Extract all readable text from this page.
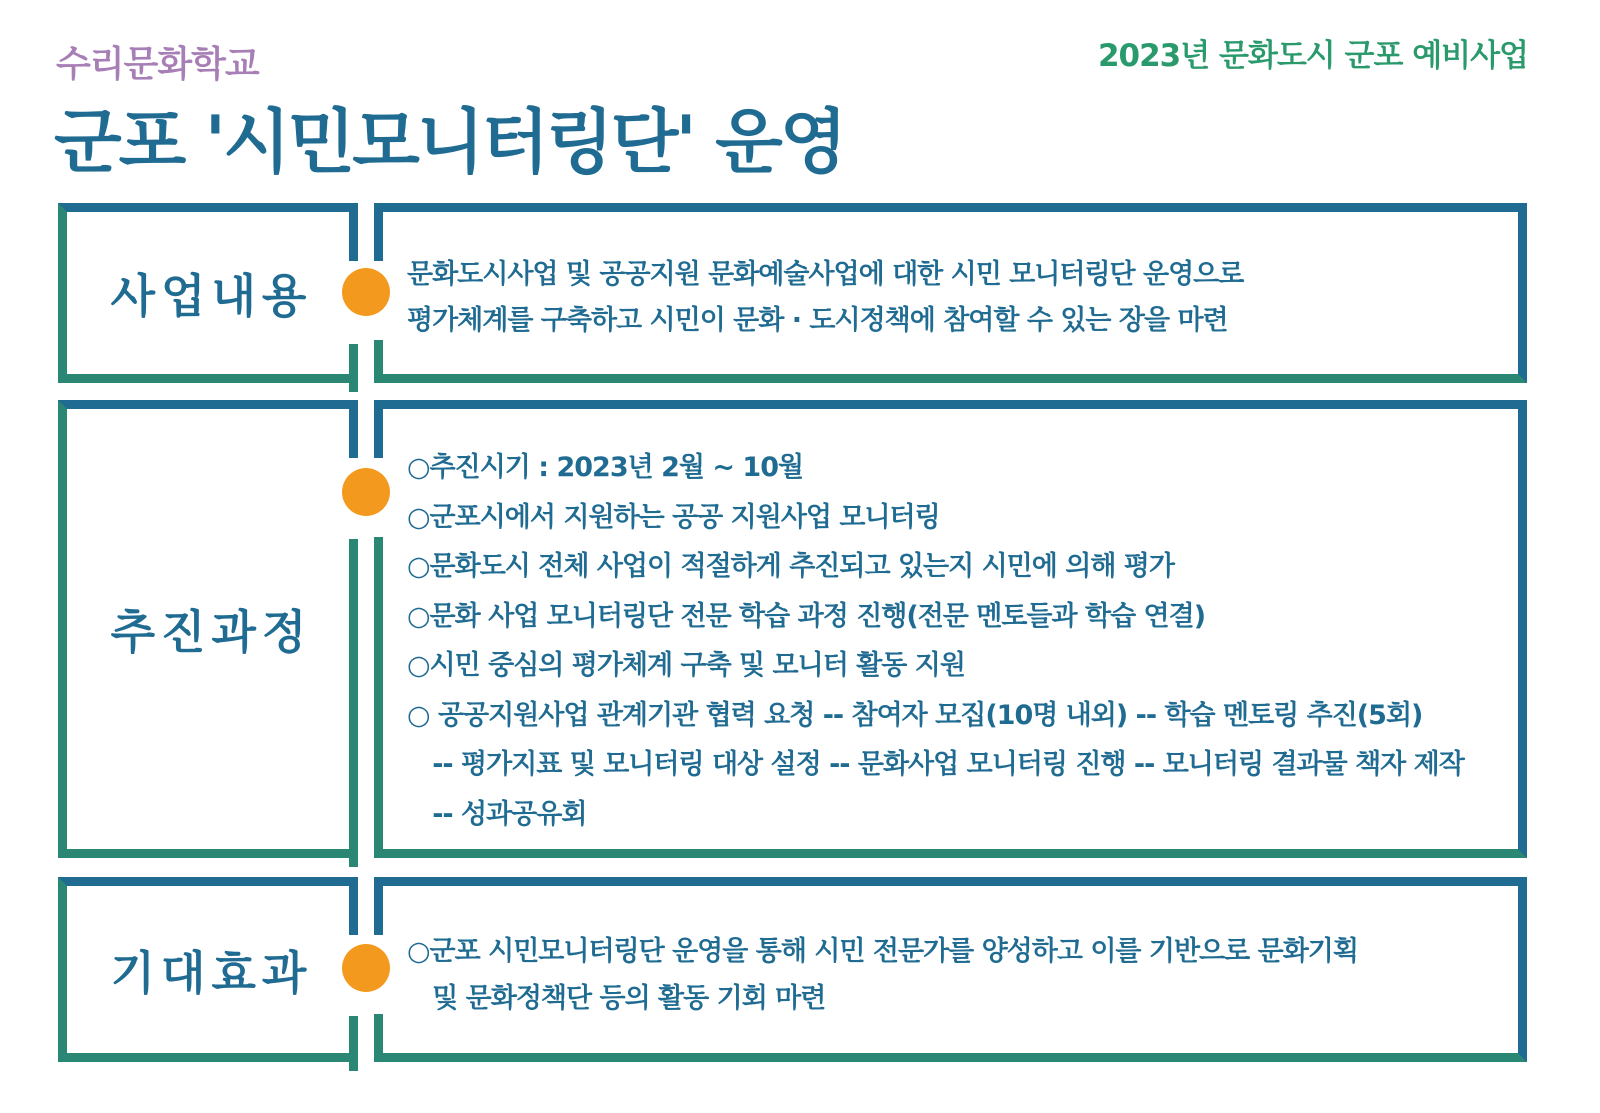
수리문화학교	2023년 문화도시 군포 예비사업
군포 '시민모니터링단' 운영
사업내용	문화도시사업 및 공공지원 문화예술사업에 대한 시민 모니터링단 운영으로
평가체계를 구축하고 시민이 문화 · 도시정책에 참여할 수 있는 장을 마련
추진과정
○추진시기 : 2023년 2월 ~ 10월
○군포시에서 지원하는 공공 지원사업 모니터링
○문화도시 전체 사업이 적절하게 추진되고 있는지 시민에 의해 평가
○문화 사업 모니터링단 전문 학습 과정 진행(전문 멘토들과 학습 연결)
○시민 중심의 평가체계 구축 및 모니터 활동 지원
○ 공공지원사업 관계기관 협력 요청 -- 참여자 모집(10명 내외) -- 학습 멘토링 추진(5회)
-- 평가지표 및 모니터링 대상 설정 -- 문화사업 모니터링 진행 -- 모니터링 결과물 책자 제작
-- 성과공유회
기대효과	○군포 시민모니터링단 운영을 통해 시민 전문가를 양성하고 이를 기반으로 문화기획
및 문화정책단 등의 활동 기회 마련
